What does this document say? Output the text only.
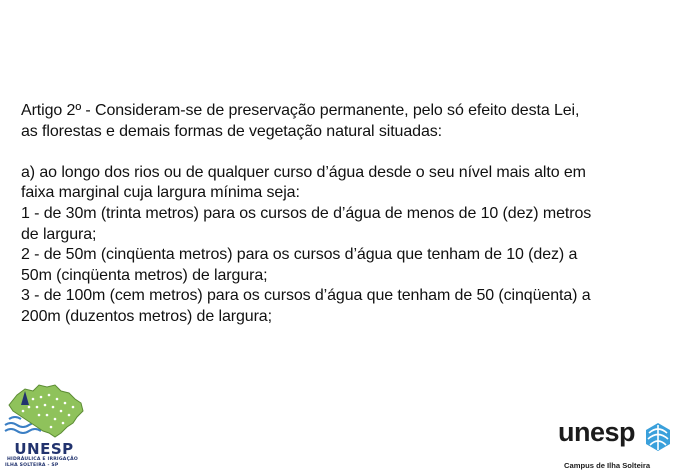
Artigo 2º - Consideram-se de preservação permanente, pelo só efeito desta Lei,

as florestas e demais formas de vegetação natural situadas:

a) ao longo dos rios ou de qualquer curso d’água desde o seu nível mais alto em

faixa marginal cuja largura mínima seja:

1 - de 30m (trinta metros) para os cursos de d’água de menos de 10 (dez) metros

de largura;

2 - de 50m (cinqüenta metros) para os cursos d’água que tenham de 10 (dez) a

50m (cinqüenta metros) de largura;

3 - de 100m (cem metros) para os cursos d’água que tenham de 50 (cinqüenta) a

200m (duzentos metros) de largura;

UNESP
HIDRÁULICA E IRRIGAÇÃO
ILHA SOLTEIRA - SP
unesp
Campus de Ilha Solteira
